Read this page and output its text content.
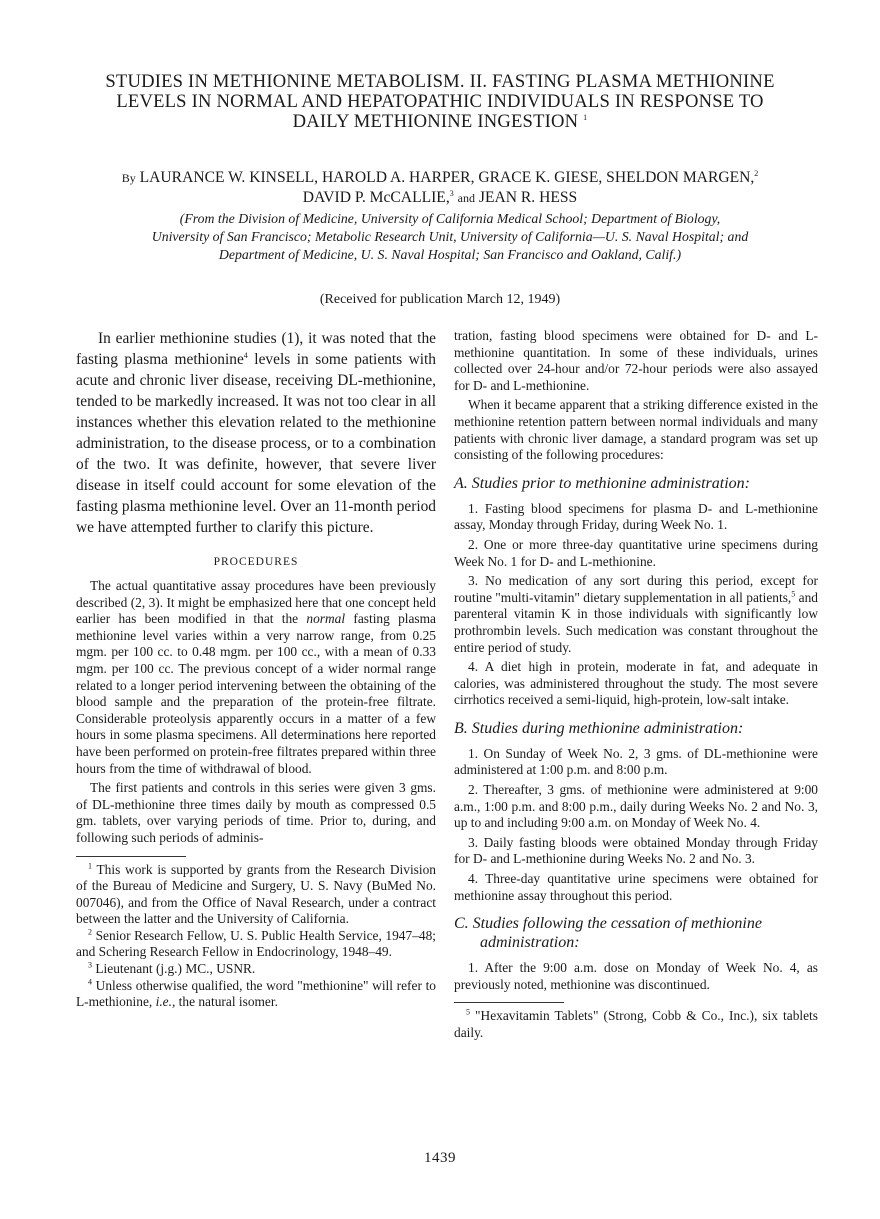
STUDIES IN METHIONINE METABOLISM. II. FASTING PLASMA METHIONINE LEVELS IN NORMAL AND HEPATOPATHIC INDIVIDUALS IN RESPONSE TO DAILY METHIONINE INGESTION $^1$
By LAURANCE W. KINSELL, HAROLD A. HARPER, GRACE K. GIESE, SHELDON MARGEN,$^2$ DAVID P. McCALLIE,$^3$ and JEAN R. HESS
(From the Division of Medicine, University of California Medical School; Department of Biology, University of San Francisco; Metabolic Research Unit, University of California—U. S. Naval Hospital; and Department of Medicine, U. S. Naval Hospital; San Francisco and Oakland, Calif.)
(Received for publication March 12, 1949)

In earlier methionine studies (1), it was noted that the fasting plasma methionine$^4$ levels in some patients with acute and chronic liver disease, receiving DL-methionine, tended to be markedly increased. It was not too clear in all instances whether this elevation related to the methionine administration, to the disease process, or to a combination of the two. It was definite, however, that severe liver disease in itself could account for some elevation of the fasting plasma methionine level. Over an 11-month period we have attempted further to clarify this picture.

PROCEDURES

The actual quantitative assay procedures have been previously described (2, 3). It might be emphasized here that one concept held earlier has been modified in that the normal fasting plasma methionine level varies within a very narrow range, from 0.25 mgm. per 100 cc. to 0.48 mgm. per 100 cc., with a mean of 0.33 mgm. per 100 cc. The previous concept of a wider normal range related to a longer period intervening between the obtaining of the blood sample and the preparation of the protein-free filtrate. Considerable proteolysis apparently occurs in a matter of a few hours in some plasma specimens. All determinations here reported have been performed on protein-free filtrates prepared within three hours from the time of withdrawal of blood.

The first patients and controls in this series were given 3 gms. of DL-methionine three times daily by mouth as compressed 0.5 gm. tablets, over varying periods of time. Prior to, during, and following such periods of adminis-

$^1$ This work is supported by grants from the Research Division of the Bureau of Medicine and Surgery, U. S. Navy (BuMed No. 007046), and from the Office of Naval Research, under a contract between the latter and the University of California.

$^2$ Senior Research Fellow, U. S. Public Health Service, 1947–48; and Schering Research Fellow in Endocrinology, 1948–49.

$^3$ Lieutenant (j.g.) MC., USNR.

$^4$ Unless otherwise qualified, the word "methionine" will refer to L-methionine, i.e., the natural isomer.

tration, fasting blood specimens were obtained for D- and L-methionine quantitation. In some of these individuals, urines collected over 24-hour and/or 72-hour periods were also assayed for D- and L-methionine.

When it became apparent that a striking difference existed in the methionine retention pattern between normal individuals and many patients with chronic liver damage, a standard program was set up consisting of the following procedures:

A. Studies prior to methionine administration:

1. Fasting blood specimens for plasma D- and L-methionine assay, Monday through Friday, during Week No. 1.

2. One or more three-day quantitative urine specimens during Week No. 1 for D- and L-methionine.

3. No medication of any sort during this period, except for routine "multi-vitamin" dietary supplementation in all patients,$^5$ and parenteral vitamin K in those individuals with significantly low prothrombin levels. Such medication was constant throughout the entire period of study.

4. A diet high in protein, moderate in fat, and adequate in calories, was administered throughout the study. The most severe cirrhotics received a semi-liquid, high-protein, low-salt intake.

B. Studies during methionine administration:

1. On Sunday of Week No. 2, 3 gms. of DL-methionine were administered at 1:00 p.m. and 8:00 p.m.

2. Thereafter, 3 gms. of methionine were administered at 9:00 a.m., 1:00 p.m. and 8:00 p.m., daily during Weeks No. 2 and No. 3, up to and including 9:00 a.m. on Monday of Week No. 4.

3. Daily fasting bloods were obtained Monday through Friday for D- and L-methionine during Weeks No. 2 and No. 3.

4. Three-day quantitative urine specimens were obtained for methionine assay throughout this period.

C. Studies following the cessation of methionine administration:

1. After the 9:00 a.m. dose on Monday of Week No. 4, as previously noted, methionine was discontinued.

$^5$ "Hexavitamin Tablets" (Strong, Cobb & Co., Inc.), six tablets daily.

1439
